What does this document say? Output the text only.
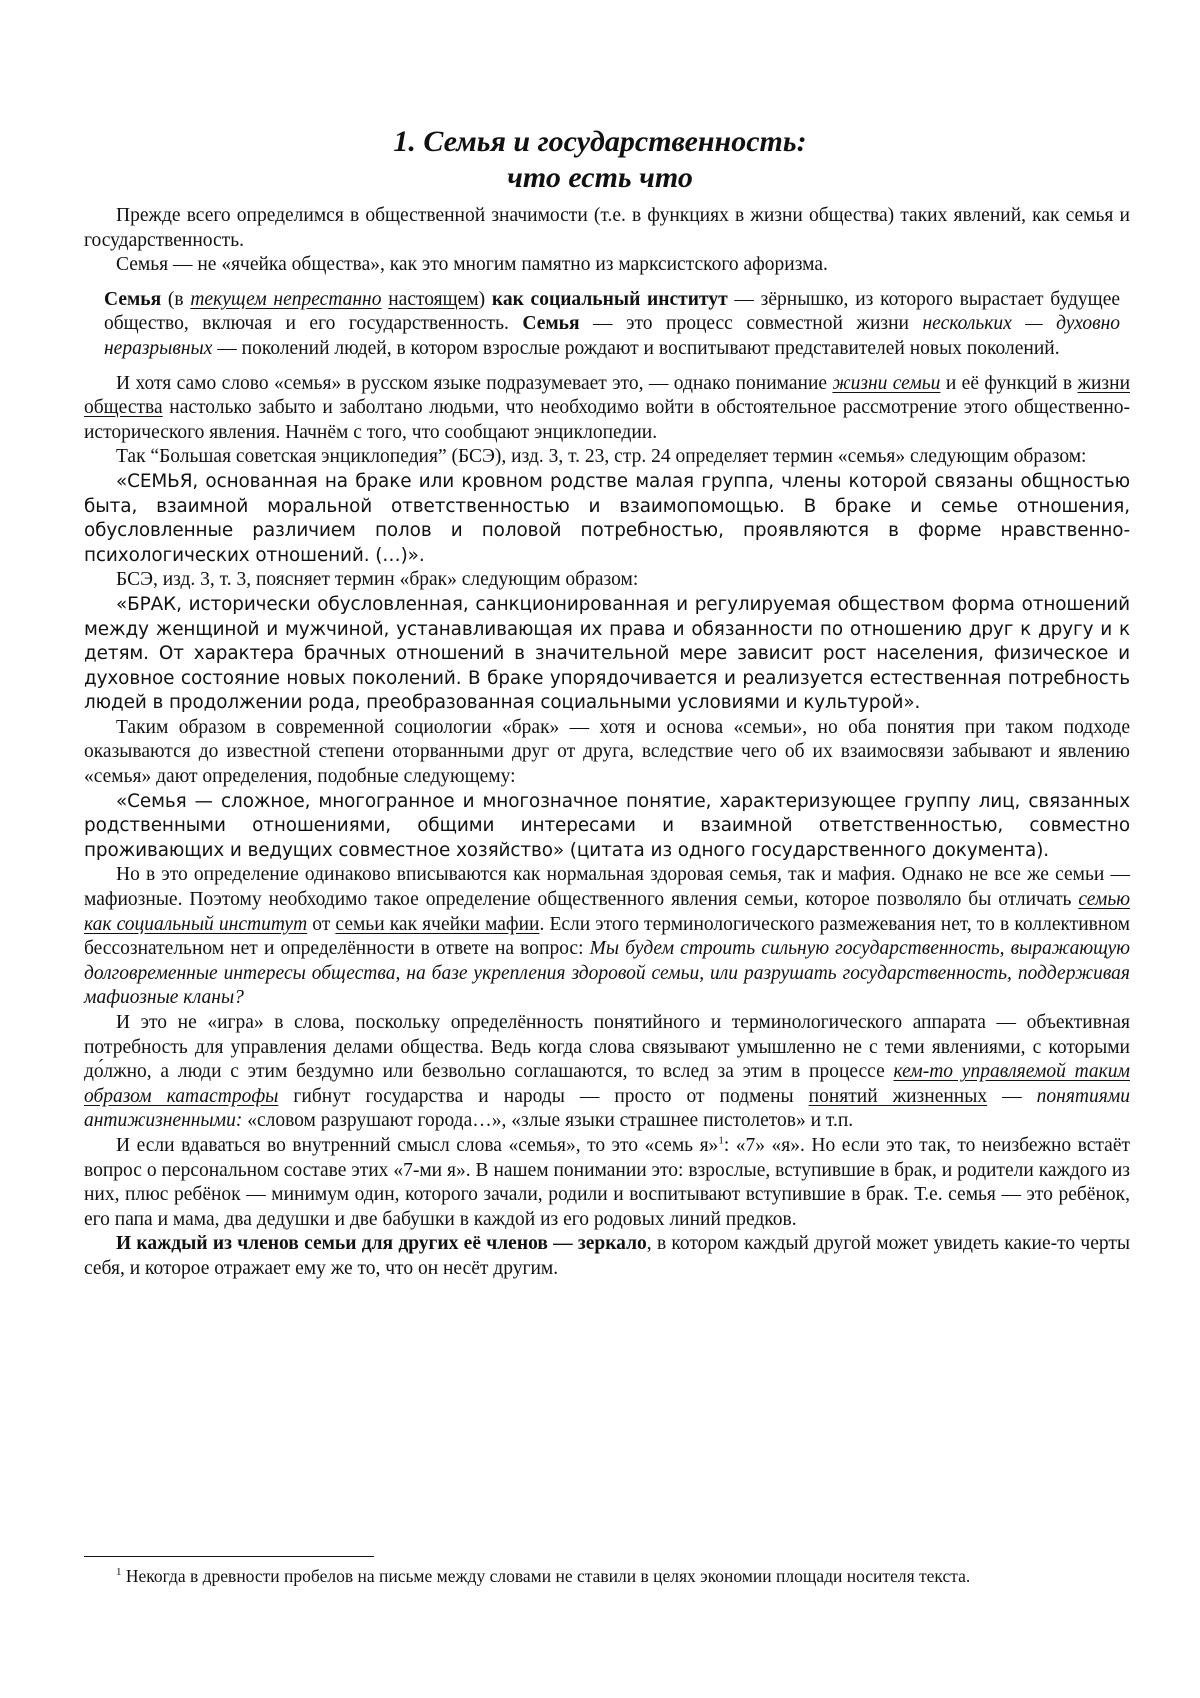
1. Семья и государственность:
что есть что

Прежде всего определимся в общественной значимости (т.е. в функциях в жизни общества) таких явлений, как семья и государственность.

Семья — не «ячейка общества», как это многим памятно из марксистского афоризма.

Семья (в текущем непрестанно настоящем) как социальный институт — зёрнышко, из которого вырастает будущее общество, включая и его государственность. Семья — это процесс совместной жизни нескольких — духовно неразрывных — поколений людей, в котором взрослые рождают и воспитывают представителей новых поколений.

И хотя само слово «семья» в русском языке подразумевает это, — однако понимание жизни семьи и её функций в жизни общества настолько забыто и заболтано людьми, что необходимо войти в обстоятельное рассмотрение этого общественно-исторического явления. Начнём с того, что сообщают энциклопедии.

Так “Большая советская энциклопедия” (БСЭ), изд. 3, т. 23, стр. 24 определяет термин «семья» следующим образом:

«СЕМЬЯ, основанная на браке или кровном родстве малая группа, члены которой связаны общностью быта, взаимной моральной ответственностью и взаимопомощью. В браке и семье отношения, обусловленные различием полов и половой потребностью, проявляются в форме нравственно-психологических отношений. (…)».

БСЭ, изд. 3, т. 3, поясняет термин «брак» следующим образом:

«БРАК, исторически обусловленная, санкционированная и регулируемая обществом форма отношений между женщиной и мужчиной, устанавливающая их права и обязанности по отношению друг к другу и к детям. От характера брачных отношений в значительной мере зависит рост населения, физическое и духовное состояние новых поколений. В браке упорядочивается и реализуется естественная потребность людей в продолжении рода, преобразованная социальными условиями и культурой».

Таким образом в современной социологии «брак» — хотя и основа «семьи», но оба понятия при таком подходе оказываются до известной степени оторванными друг от друга, вследствие чего об их взаимосвязи забывают и явлению «семья» дают определения, подобные следующему:

«Семья — сложное, многогранное и многозначное понятие, характеризующее группу лиц, связанных родственными отношениями, общими интересами и взаимной ответственностью, совместно проживающих и ведущих совместное хозяйство» (цитата из одного государственного документа).

Но в это определение одинаково вписываются как нормальная здоровая семья, так и мафия. Однако не все же семьи — мафиозные. Поэтому необходимо такое определение общественного явления семьи, которое позволяло бы отличать семью как социальный институт от семьи как ячейки мафии. Если этого терминологического размежевания нет, то в коллективном бессознательном нет и определённости в ответе на вопрос: Мы будем строить сильную государственность, выражающую долговременные интересы общества, на базе укрепления здоровой семьи, или разрушать государственность, поддерживая мафиозные кланы?

И это не «игра» в слова, поскольку определённость понятийного и терминологического аппарата — объективная потребность для управления делами общества. Ведь когда слова связывают умышленно не с теми явлениями, с которыми до́лжно, а люди с этим бездумно или безвольно соглашаются, то вслед за этим в процессе кем-то управляемой таким образом катастрофы гибнут государства и народы — просто от подмены понятий жизненных — понятиями антижизненными: «словом разрушают города…», «злые языки страшнее пистолетов» и т.п.

И если вдаваться во внутренний смысл слова «семья», то это «семь я»$^1$: «7» «я». Но если это так, то неизбежно встаёт вопрос о персональном составе этих «7-ми я». В нашем понимании это: взрослые, вступившие в брак, и родители каждого из них, плюс ребёнок — минимум один, которого зачали, родили и воспитывают вступившие в брак. Т.е. семья — это ребёнок, его папа и мама, два дедушки и две бабушки в каждой из его родовых линий предков.

И каждый из членов семьи для других её членов — зеркало, в котором каждый другой может увидеть какие-то черты себя, и которое отражает ему же то, что он несёт другим.

$^1$ Некогда в древности пробелов на письме между словами не ставили в целях экономии площади носителя текста.
